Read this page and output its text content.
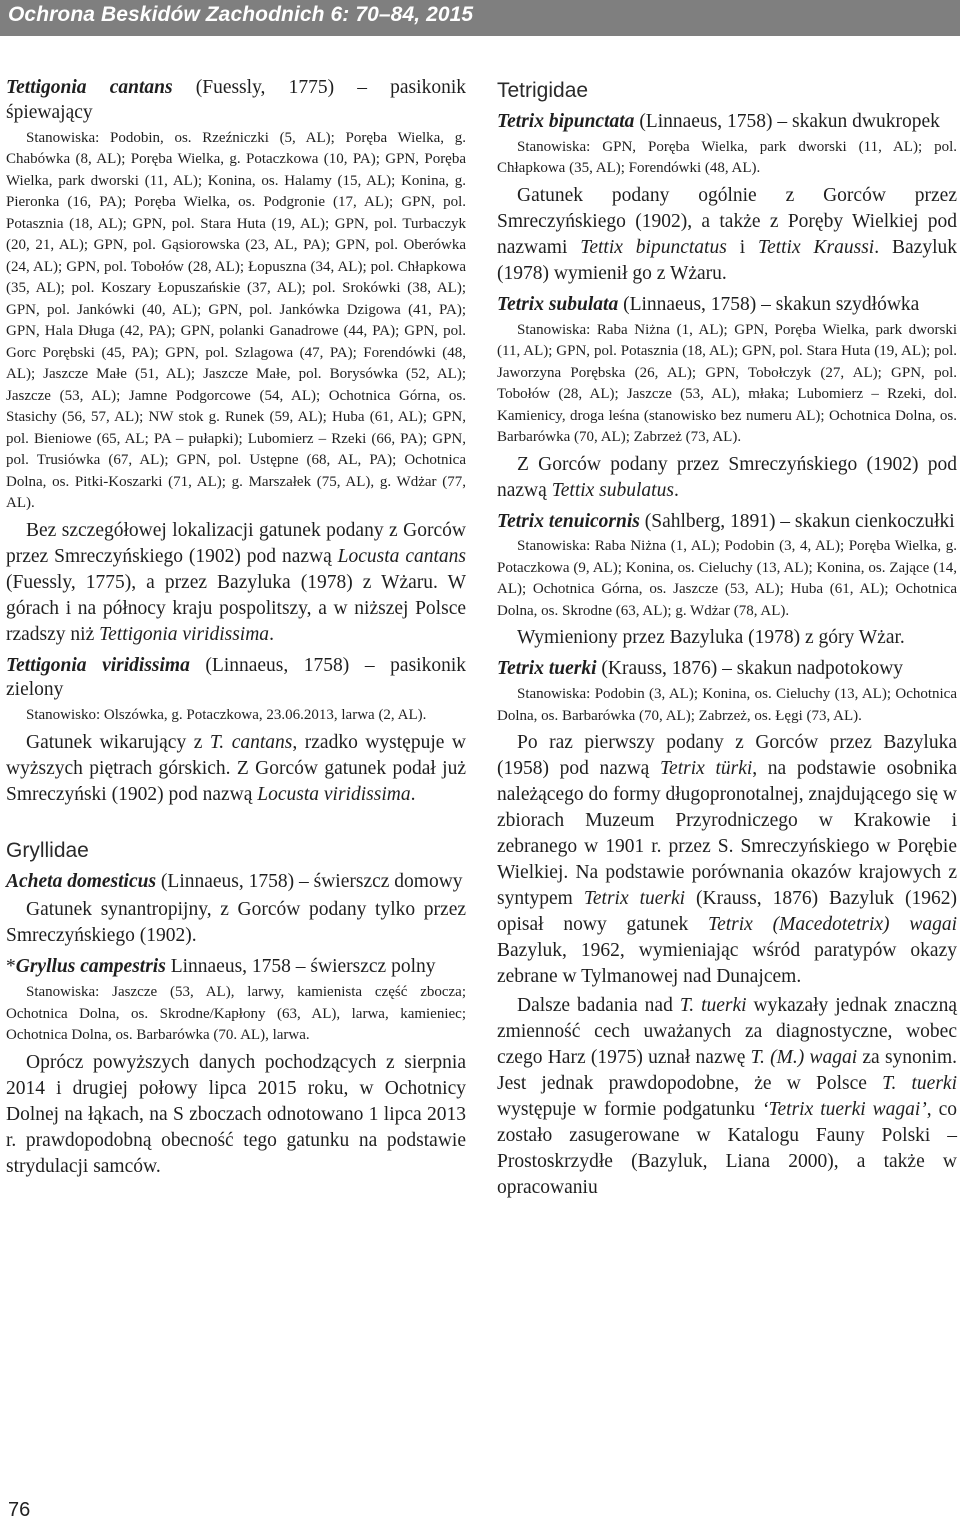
Ochrona Beskidów Zachodnich 6: 70–84, 2015

Tettigonia cantans (Fuessly, 1775) – pasikonik śpiewający

Stanowiska: Podobin, os. Rzeźniczki (5, AL); Poręba Wielka, g. Chabówka (8, AL); Poręba Wielka, g. Potaczkowa (10, PA); GPN, Poręba Wielka, park dworski (11, AL); Konina, os. Halamy (15, AL); Konina, g. Pieronka (16, PA); Poręba Wielka, os. Podgronie (17, AL); GPN, pol. Potasznia (18, AL); GPN, pol. Stara Huta (19, AL); GPN, pol. Turbaczyk (20, 21, AL); GPN, pol. Gąsiorowska (23, AL, PA); GPN, pol. Oberówka (24, AL); GPN, pol. Tobołów (28, AL); Łopuszna (34, AL); pol. Chłapkowa (35, AL); pol. Koszary Łopuszańskie (37, AL); pol. Srokówki (38, AL); GPN, pol. Jankówki (40, AL); GPN, pol. Jankówka Dzigowa (41, PA); GPN, Hala Długa (42, PA); GPN, polanki Ganadrowe (44, PA); GPN, pol. Gorc Porębski (45, PA); GPN, pol. Szlagowa (47, PA); Forendówki (48, AL); Jaszcze Małe (51, AL); Jaszcze Małe, pol. Borysówka (52, AL); Jaszcze (53, AL); Jamne Podgorcowe (54, AL); Ochotnica Górna, os. Stasichy (56, 57, AL); NW stok g. Runek (59, AL); Huba (61, AL); GPN, pol. Bieniowe (65, AL; PA – pułapki); Lubomierz – Rzeki (66, PA); GPN, pol. Trusiówka (67, AL); GPN, pol. Ustępne (68, AL, PA); Ochotnica Dolna, os. Pitki-Koszarki (71, AL); g. Marszałek (75, AL), g. Wdżar (77, AL).

Bez szczegółowej lokalizacji gatunek podany z Gorców przez Smreczyńskiego (1902) pod nazwą Locusta cantans (Fuessly, 1775), a przez Bazyluka (1978) z Wżaru. W górach i na północy kraju pospolitszy, a w niższej Polsce rzadszy niż Tettigonia viridissima.

Tettigonia viridissima (Linnaeus, 1758) – pasikonik zielony

Stanowisko: Olszówka, g. Potaczkowa, 23.06.2013, larwa (2, AL).

Gatunek wikarujący z T. cantans, rzadko występuje w wyższych piętrach górskich. Z Gorców gatunek podał już Smreczyński (1902) pod nazwą Locusta viridissima.

Gryllidae

Acheta domesticus (Linnaeus, 1758) – świerszcz domowy

Gatunek synantropijny, z Gorców podany tylko przez Smreczyńskiego (1902).

*Gryllus campestris Linnaeus, 1758 – świerszcz polny

Stanowiska: Jaszcze (53, AL), larwy, kamienista część zbocza; Ochotnica Dolna, os. Skrodne/Kapłony (63, AL), larwa, kamieniec; Ochotnica Dolna, os. Barbarówka (70. AL), larwa.

Oprócz powyższych danych pochodzących z sierpnia 2014 i drugiej połowy lipca 2015 roku, w Ochotnicy Dolnej na łąkach, na S zboczach odnotowano 1 lipca 2013 r. prawdopodobną obecność tego gatunku na podstawie strydulacji samców.

Tetrigidae

Tetrix bipunctata (Linnaeus, 1758) – skakun dwukropek

Stanowiska: GPN, Poręba Wielka, park dworski (11, AL); pol. Chłapkowa (35, AL); Forendówki (48, AL).

Gatunek podany ogólnie z Gorców przez Smreczyńskiego (1902), a także z Poręby Wielkiej pod nazwami Tettix bipunctatus i Tettix Kraussi. Bazyluk (1978) wymienił go z Wżaru.

Tetrix subulata (Linnaeus, 1758) – skakun szydłówka

Stanowiska: Raba Niżna (1, AL); GPN, Poręba Wielka, park dworski (11, AL); GPN, pol. Potasznia (18, AL); GPN, pol. Stara Huta (19, AL); pol. Jaworzyna Porębska (26, AL); GPN, Tobołczyk (27, AL); GPN, pol. Tobołów (28, AL); Jaszcze (53, AL), młaka; Lubomierz – Rzeki, dol. Kamienicy, droga leśna (stanowisko bez numeru AL); Ochotnica Dolna, os. Barbarówka (70, AL); Zabrzeż (73, AL).

Z Gorców podany przez Smreczyńskiego (1902) pod nazwą Tettix subulatus.

Tetrix tenuicornis (Sahlberg, 1891) – skakun cienkoczułki

Stanowiska: Raba Niżna (1, AL); Podobin (3, 4, AL); Poręba Wielka, g. Potaczkowa (9, AL); Konina, os. Cieluchy (13, AL); Konina, os. Zające (14, AL); Ochotnica Górna, os. Jaszcze (53, AL); Huba (61, AL); Ochotnica Dolna, os. Skrodne (63, AL); g. Wdżar (78, AL).

Wymieniony przez Bazyluka (1978) z góry Wżar.

Tetrix tuerki (Krauss, 1876) – skakun nadpotokowy

Stanowiska: Podobin (3, AL); Konina, os. Cieluchy (13, AL); Ochotnica Dolna, os. Barbarówka (70, AL); Zabrzeż, os. Łęgi (73, AL).

Po raz pierwszy podany z Gorców przez Bazyluka (1958) pod nazwą Tetrix türki, na podstawie osobnika należącego do formy długopronotalnej, znajdującego się w zbiorach Muzeum Przyrodniczego w Krakowie i zebranego w 1901 r. przez S. Smreczyńskiego w Porębie Wielkiej. Na podstawie porównania okazów krajowych z syntypem Tetrix tuerki (Krauss, 1876) Bazyluk (1962) opisał nowy gatunek Tetrix (Macedotetrix) wagai Bazyluk, 1962, wymieniając wśród paratypów okazy zebrane w Tylmanowej nad Dunajcem.

Dalsze badania nad T. tuerki wykazały jednak znaczną zmienność cech uważanych za diagnostyczne, wobec czego Harz (1975) uznał nazwę T. (M.) wagai za synonim. Jest jednak prawdopodobne, że w Polsce T. tuerki występuje w formie podgatunku ‘Tetrix tuerki wagai’, co zostało zasugerowane w Katalogu Fauny Polski – Prostoskrzydłe (Bazyluk, Liana 2000), a także w opracowaniu

76
